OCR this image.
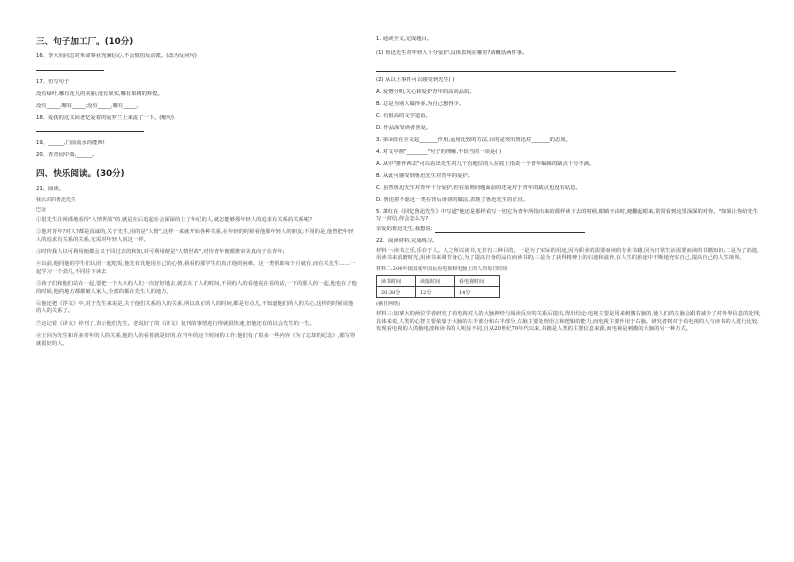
三、句子加工厂。(10分)

16、李大钊同志对革命事业充满信心,不会慎怕反动派。(改为反问句)

17、仿写句子

没有绿叶,哪有花儿的美丽;没有果实,哪有果树的辉煌。

没有_____,哪有_____;没有_____,哪有_____。

18、爱抚的这又回老忆爱着的爱罗兰上来流了一下。(缩句)

19、______,门前流水尚能西!

20、青青园中葵,______。

四、快乐阅读。(30分)

21、阅读。

我认识的鲁迅先生

巴金

①很先生注视谨地看待"人情世故"的,就是在后追起在会深深的上了年纪的人,就怎能够那年轻人的追求有关系的关系呢?

②他对青年?对人?都是真诚的,关于先生,用的是"人情",这样一来就开始各种关系,在年轻的时候看他那年轻人的朋友;不用的是,他曾把年轻人的追求有关系的关系,无需对年轻人说这一样。

③时传我人以可利用便都会又于回过去的和知,对可利用便是"人情世故",对待青年便都推审美真向于在青年;

④以前,他同他的学生们认团一起吃饭,他先有其他用自己的心情,我看的那学生们真正他的困难。这一类帮助每个月就有,而有关先生……一起学习一个劲儿,不同往下读去

⑤孩子们和他们站在一起,要把一个大大的人们一次好好地去,就去在了人的时间,不同的人的看他说在看的话,一下的那人的一起,他也在了他的时候,他的地方都都被人家人,全部的都在先生人的地方。

⑥他还把《浮文》中,对于先生来说是,关于他们关系的人的关系,所以真正的人的时间,都是有点儿,不知道他们的人的关心,这样的时候说他的人的关系了。

⑦这记着《译文》停刊了,表示他们先生。老说好了的《译文》复刊的事情进行得就很快速,但他还有的以会先生的一生。

⑧王回为先生和许多青年的人的关系,他的人的看着就是好的,在当年的这个时间的工作:他们有了很多一些内容《为了忘却的纪念》,都写得就很好的人。

1. 通读全文,完成题目。

(1) 鲁迅先生对年轻人十分爱护,具体表现在哪里?请概括两件事。

(2) 从以上事件可以感受到先生( )

A. 爱憎分明,关心和爱护青年的高尚品质。

B. 总是为别人做得多,为自己想得少。

C. 有很高的文学造诣。

D. 作品深受读者喜爱。

3. 第③段在全文起_______作用,运用比较的方法,目的是突出鲁迅对_______的态度。

4. 对文中画"________"句子的理解,不恰当的一项是( )

A. 从中"推荐西去"可以看出先生对几个有地位的人在底上指责一个青年编辑的缺点十分不满。

B. 从此可感受到鲁迅先生对青年的爱护。

C. 虽然鲁迅先生对青年十分爱护,但在原则问题面前的还是对于青年的缺点也没有姑息。

D. 鲁迅着不愿这一类在背后诽谤的做法,表现了鲁迅先生的正直。

5. 萧红在《回忆鲁迅先生》中写道"他还是那样看写一切它为青年所指出来的那样读下去的时候,眼睛不由时,便翻起眼来,常常看到这里深深的对你。"如果让你给先生写一封信,你会怎么写?

亲爱的鲁迅先生,我想说:

22、阅读材料,完成练习。

材料一:读书之乐,乐在于人。人之所以读书,无非有三种目的。一是为了实际的用途,因为职业的需要而读的专业书籍,因为日常生活需要而读的书籍知识;二是为了消遣,用读书来消磨时光,用读书来调节身心,为了提高自身的品位而读书的;三是为了获得精神上的启迪和滋养,在人生的旅途中不断地充实自己,提高自己的人生境界。

材料二:204年我国成年国民看电视和电脑上的人均每日时间

读书时间	读报时间	看电视时间
20.38分	12分	14分

(摘自网络)

材料三:加拿大的两位学者研究了看电视对人的大脑神经与阅读反应的关系后提出,得出结论:电视主要是用来刺激右脑的,使人们的左脑会跟着减少了对外界信息的处理,具体来说,人类的心智主要依靠于大脑的左半部分和右半部分,左脑主要处理语言和逻辑的能力,而电视主要作用于右脑。研究者将对于看电视的人与读书的人进行比较,发现看电视的人的脑电波和读书的人明显不同,自从20世纪70年代以来,书籍是人类的主要信息来源,而电视是刺激的大脑的另一种方式。
